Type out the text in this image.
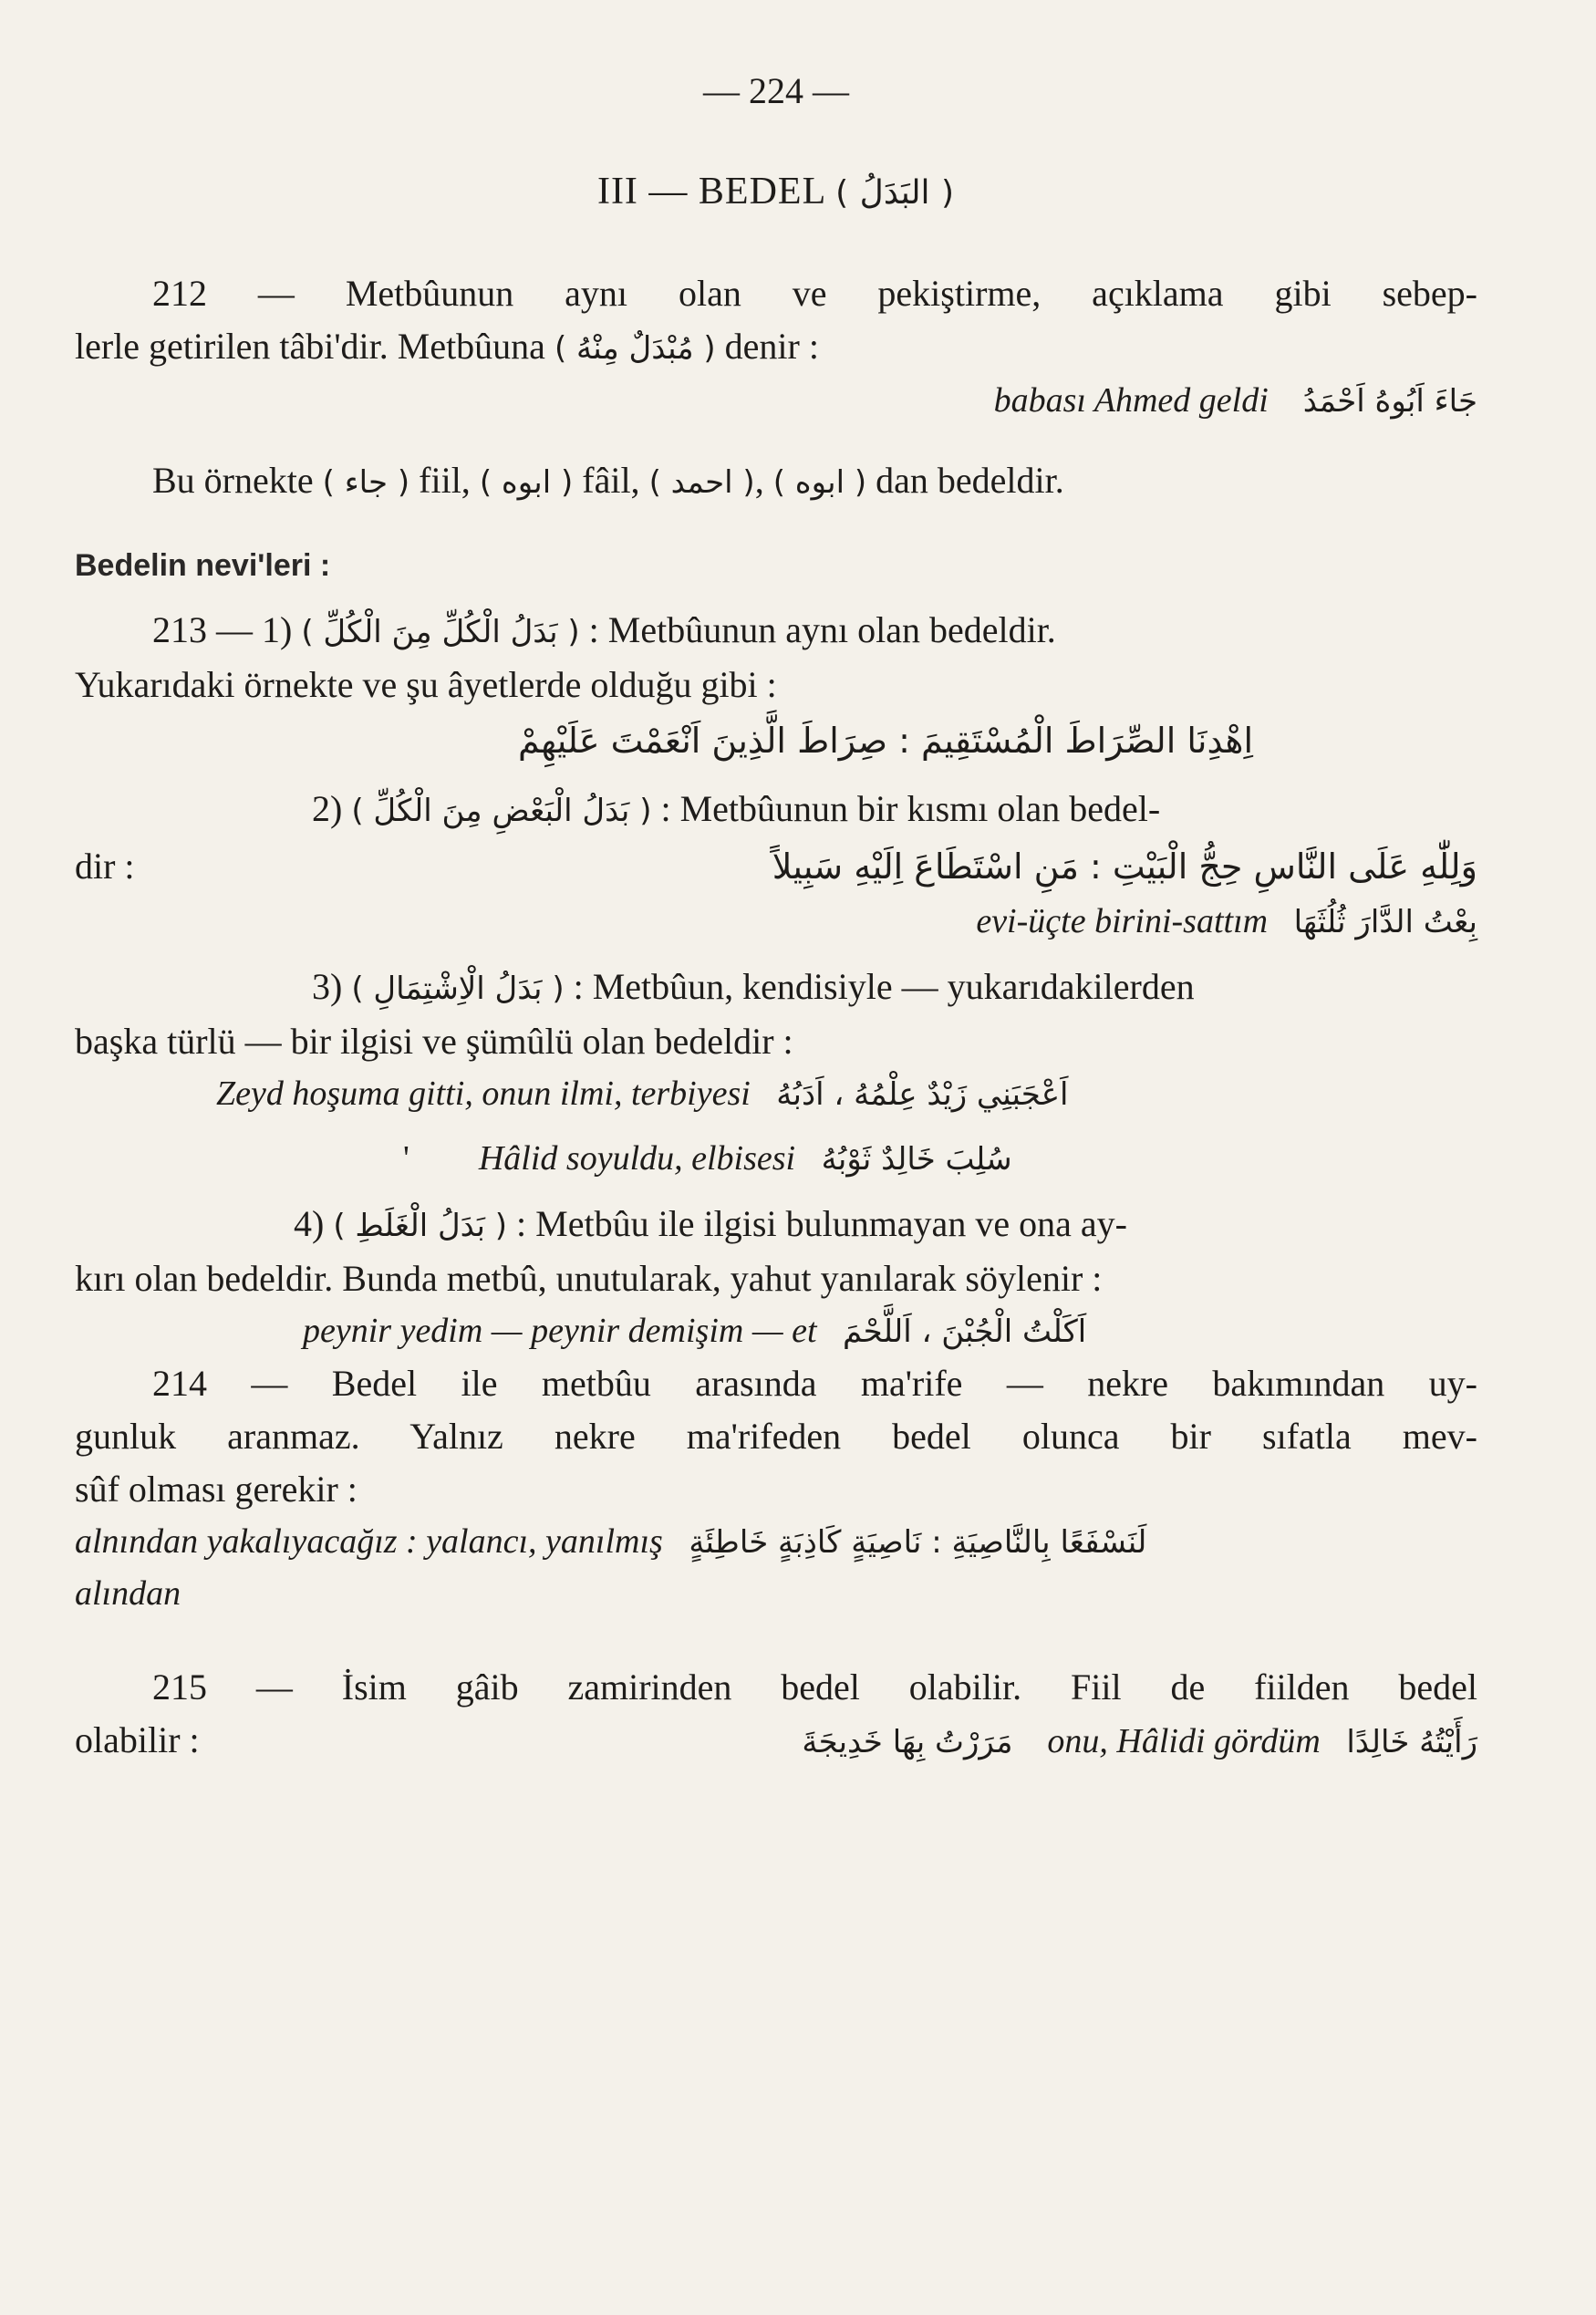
— 224 —
III — BEDEL ( البَدَلُ )
212 — Metbûunun aynı olan ve pekiştirme, açıklama gibi sebep-
lerle getirilen tâbi'dir. Metbûuna ( مُبْدَلٌ مِنْهُ ) denir :
babası Ahmed geldi جَاءَ اَبُوهُ اَحْمَدُ
Bu örnekte ( جاء ) fiil, ( ابوه ) fâil, ( احمد ), ( ابوه ) dan bedeldir.
Bedelin nevi'leri :
213 — 1) ( بَدَلُ الْكُلِّ مِنَ الْكُلِّ ) : Metbûunun aynı olan bedeldir.
Yukarıdaki örnekte ve şu âyetlerde olduğu gibi :
اِهْدِنَا الصِّرَاطَ الْمُسْتَقِيمَ : صِرَاطَ الَّذِينَ اَنْعَمْتَ عَلَيْهِمْ
2) ( بَدَلُ الْبَعْضِ مِنَ الْكُلِّ ) : Metbûunun bir kısmı olan bedel-
dir :	وَلِلّٰهِ عَلَى النَّاسِ حِجُّ الْبَيْتِ : مَنِ اسْتَطَاعَ اِلَيْهِ سَبِيلاً
evi-üçte birini-sattım بِعْتُ الدَّارَ ثُلُثَهَا
3) ( بَدَلُ الْاِشْتِمَالِ ) : Metbûun, kendisiyle — yukarıdakilerden
başka türlü — bir ilgisi ve şümûlü olan bedeldir :
Zeyd hoşuma gitti, onun ilmi, terbiyesi اَعْجَبَنِي زَيْدٌ عِلْمُهُ ، اَدَبُهُ
' Hâlid soyuldu, elbisesi سُلِبَ خَالِدٌ ثَوْبُهُ
4) ( بَدَلُ الْغَلَطِ ) : Metbûu ile ilgisi bulunmayan ve ona ay-
kırı olan bedeldir. Bunda metbû, unutularak, yahut yanılarak söylenir :
peynir yedim — peynir demişim — et اَكَلْتُ الْجُبْنَ ، اَللَّحْمَ
214 — Bedel ile metbûu arasında ma'rife — nekre bakımından uy-
gunluk aranmaz. Yalnız nekre ma'rifeden bedel olunca bir sıfatla mev-
sûf olması gerekir :
alnından yakalıyacağız : yalancı, yanılmış لَنَسْفَعًا بِالنَّاصِيَةِ : نَاصِيَةٍ كَاذِبَةٍ خَاطِئَةٍ
alından
215 — İsim gâib zamirinden bedel olabilir. Fiil de fiilden bedel
olabilir :	مَرَرْتُ بِهَا خَدِيجَةَ onu, Hâlidi gördüm رَأَيْتُهُ خَالِدًا
